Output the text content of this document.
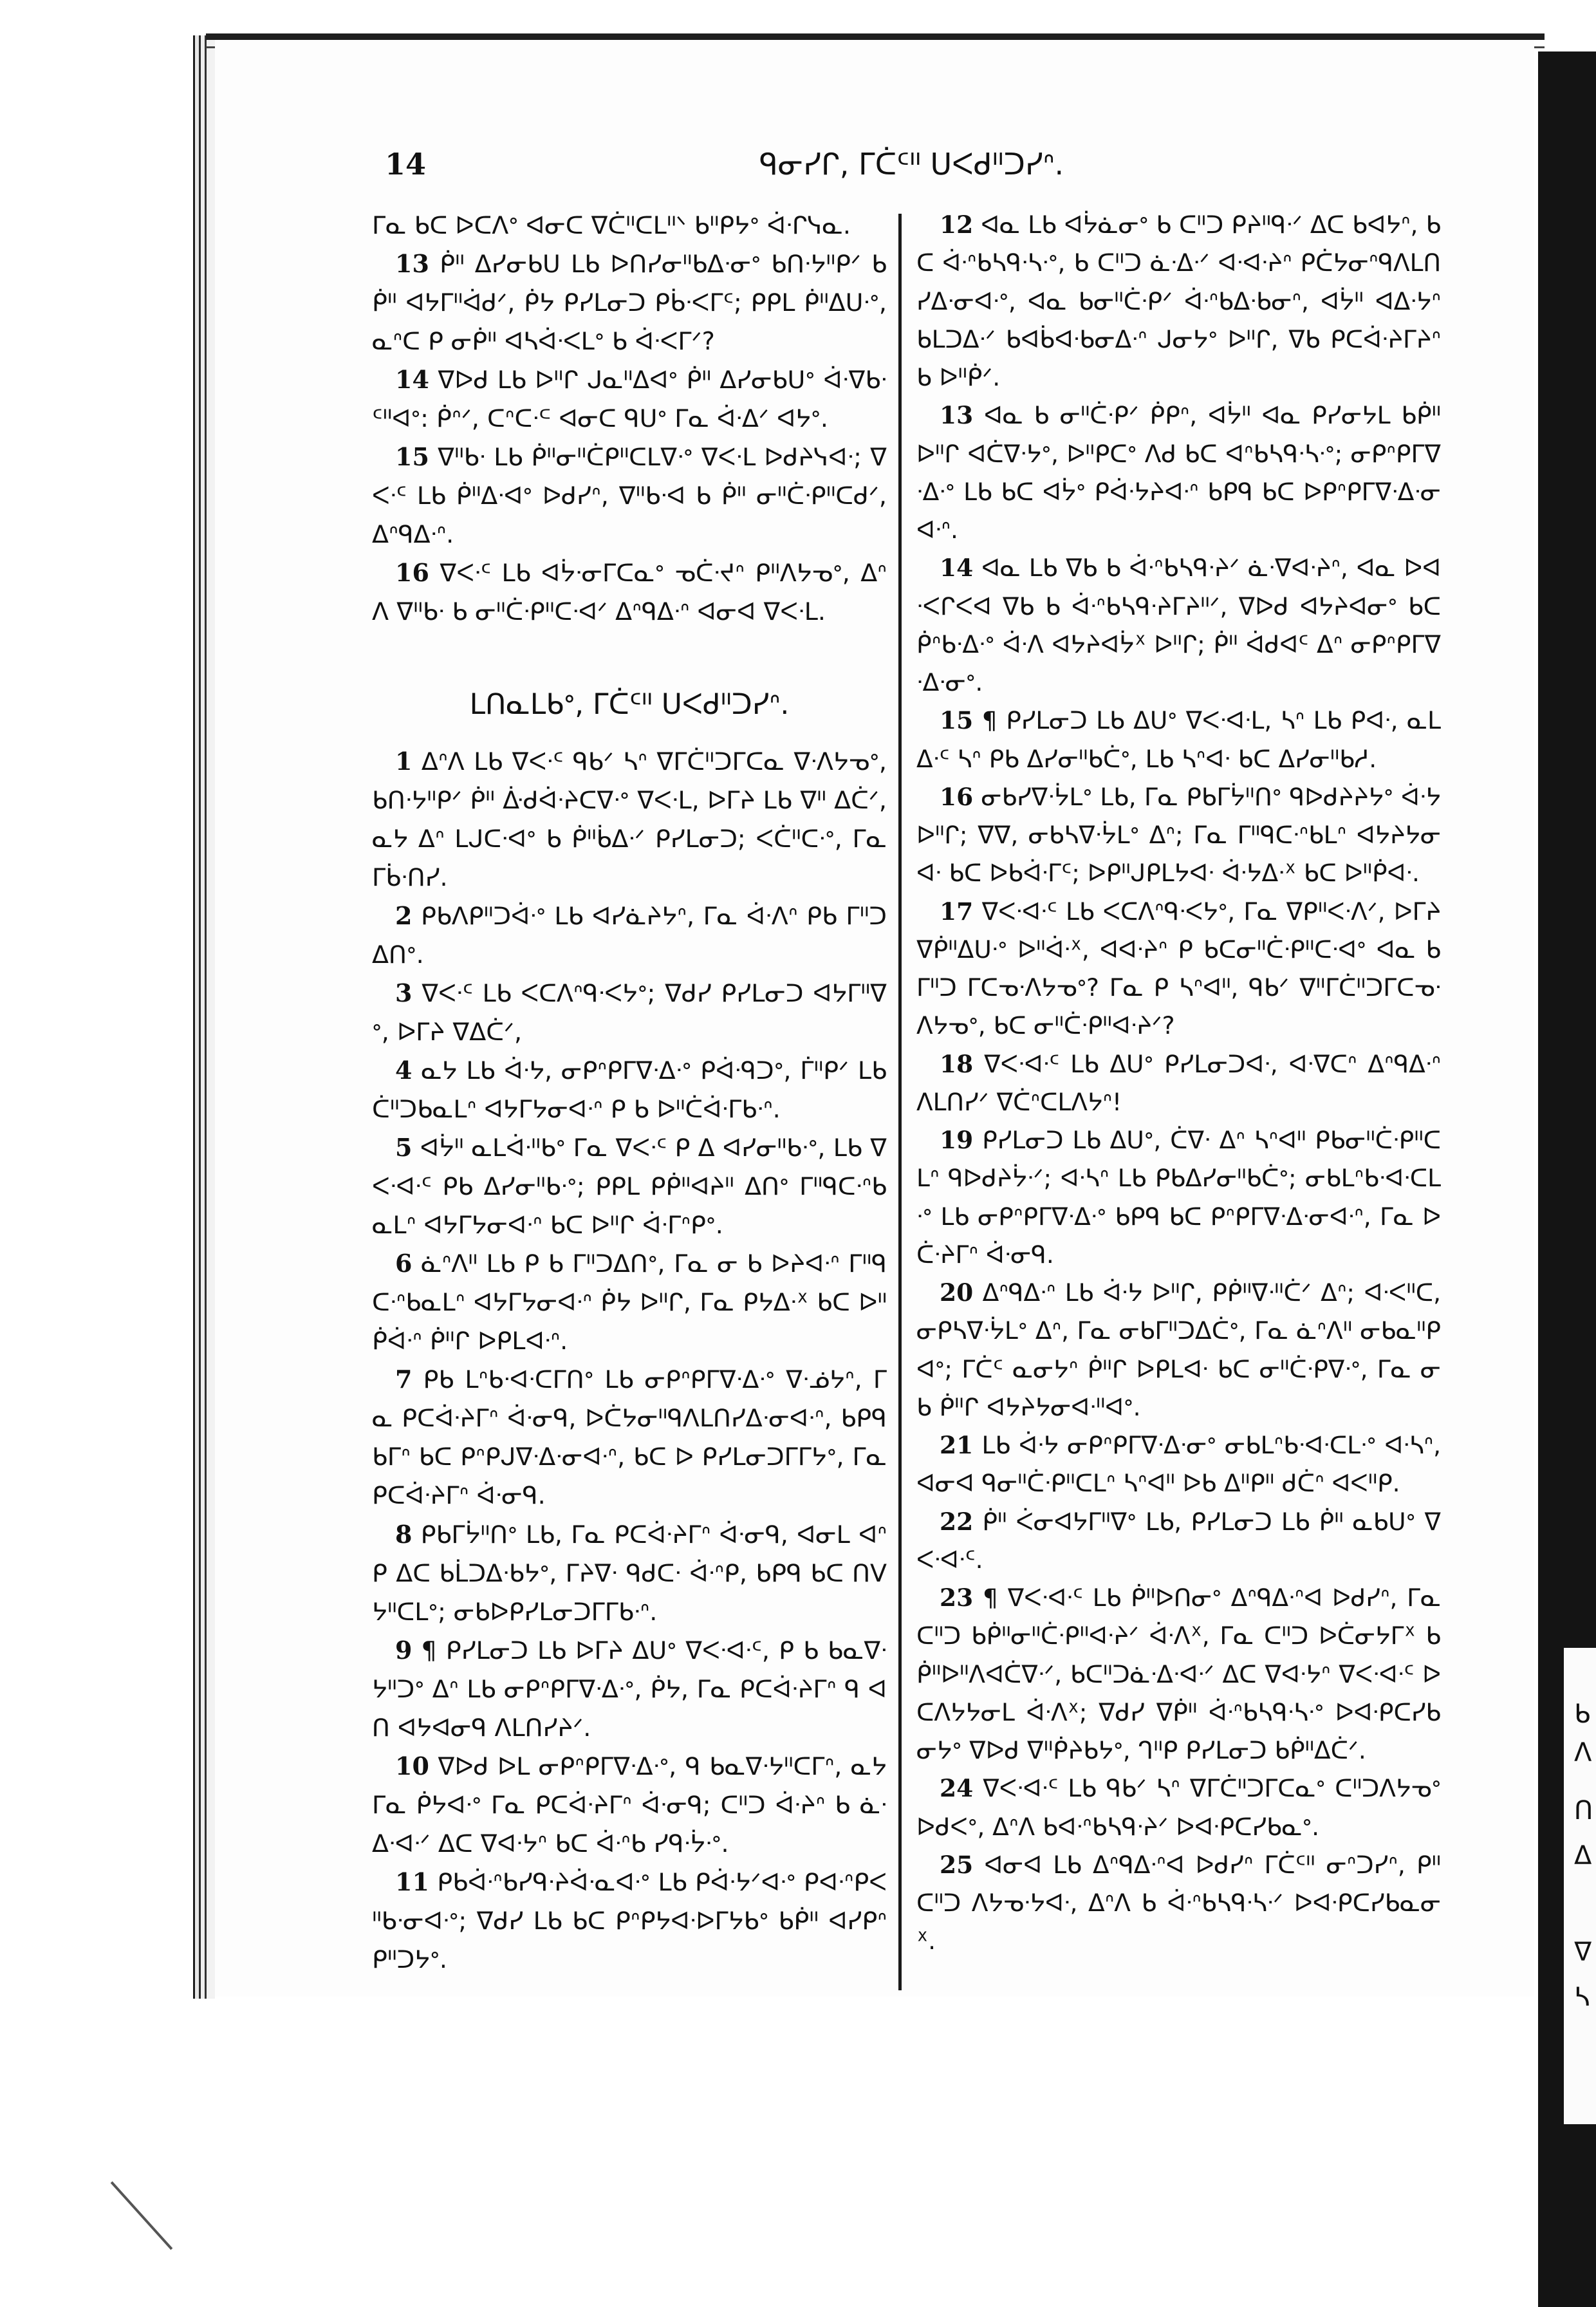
ᑲ
ᐱ
ᑎ
ᐃ
ᐁ
ᓴ
14	ᑫᓂᓯᒋ, ᒥᑖᑦᐦ ᑌᐸᑯᐦᑐᓯᐢ.

ᒥᓇ ᑲᑕ ᐅᑕᐱᐤ ᐊᓂᑕ ᐁᑖᐦᑕᒪᐦᐠ ᑲᐦᑭᔭᐤ ᐋᐧᒋᓭᓇ.

13 ᑮᐦ ᐃᓯᓂᑲᑌ ᒪᑲ ᐅᑎᓯᓂᐦᑲᐃᐧᓂᐤ ᑲᑎᐧᔭᐦᑭᐟ ᑲ ᑮᐦ ᐊᔭᒥᐦᐋᑯᐟ, ᑮᔭ ᑭᓯᒪᓂᑐ ᑭᑳᐧᐸᒥᑦ; ᑭᑭᒪ ᑮᐦᐃᑌᐧᐤ, ᓇᐢᑕ ᑭ ᓂᑮᐦ ᐊᓴᐋᐧᐸᒪᐤ ᑲ ᐋᐧᐸᒥᐟ?

14 ᐁᐅᑯ ᒪᑲ ᐅᐦᒋ ᒍᓇᐦᐃᐊᐤ ᑮᐦ ᐃᓯᓂᑲᑌᐤ ᐋᐧᐁᑲᐧᑦᐦᐊᐤ: ᑮᐢᐟ, ᑕᐢᑕᐧᒼ ᐊᓂᑕ ᑫᑌᐤ ᒥᓇ ᐋᐧᐃᐟ ᐊᔭᐤ.

15 ᐁᐦᑲᐧ ᒪᑲ ᑮᐦᓂᐦᑖᑭᐦᑕᒪᐁᐧᐤ ᐁᐸᐧᒪ ᐅᑯᔨᓭᐊᐧ; ᐁᐸᐧᑦ ᒪᑲ ᑮᐦᐃᐧᐊᐤ ᐅᑯᓯᐢ, ᐁᐦᑲᐧᐊ ᑲ ᑮᐦ ᓂᐦᑖᐧᑭᐦᑕᑯᐟ, ᐃᐢᑫᐃᐧᐢ.

16 ᐁᐸᐧᑦ ᒪᑲ ᐊᔮᐧᓂᒥᑕᓇᐤ ᓀᑖᐧᔪᐢ ᑭᐦᐱᔭᓀᐤ, ᐃᐢᐱ ᐁᐦᑲᐧ ᑲ ᓂᐦᑖᐧᑭᐦᑕᐧᐊᐟ ᐃᐢᑫᐃᐧᐢ ᐊᓂᐊ ᐁᐸᐧᒪ.

ᒪᑎᓇᒪᑲᐤ, ᒥᑖᑦᐦ ᑌᐸᑯᐦᑐᓯᐢ.

1 ᐃᐢᐱ ᒪᑲ ᐁᐸᐧᑦ ᑫᑲᐟ ᓴᐢ ᐁᒥᑖᐦᑐᒥᑕᓇ ᐁᐧᐱᔭᓀᐤ, ᑲᑎᐧᔭᐦᑭᐟ ᑮᐦ ᐑᑯᐋᐧᔨᑕᐁᐧᐤ ᐁᐸᐧᒪ, ᐅᒥᔨ ᒪᑲ ᐁᐦ ᐃᑖᐟ, ᓇᔭ ᐃᐢ ᒪᒍᑕᐧᐊᐤ ᑲ ᑮᐦᑳᐃᐧᐟ ᑭᓯᒪᓂᑐ; ᐸᑖᐦᑕᐧᐤ, ᒥᓇ ᒥᑳᐧᑎᓯ.

2 ᑭᑲᐱᑭᐦᑐᐋᐧᐤ ᒪᑲ ᐊᓯᓈᔨᔭᐢ, ᒥᓇ ᐋᐧᐱᐢ ᑭᑲ ᒥᐦᑐᐃᑎᐤ.

3 ᐁᐸᐧᑦ ᒪᑲ ᐸᑕᐱᐢᑫᐧᐸᔭᐤ; ᐁᑯᓯ ᑭᓯᒪᓂᑐ ᐊᔭᒥᐦᐁᐤ, ᐅᒥᔨ ᐁᐃᑖᐟ,

4 ᓇᔭ ᒪᑲ ᐋᐧᔭ, ᓂᑭᐢᑭᒥᐁᐧᐃᐧᐤ ᑭᐋᐧᑫᑐᐤ, ᒦᐦᑭᐟ ᒪᑲ ᑖᐦᑐᑲᓇᒪᐢ ᐊᔭᒥᔭᓂᐊᐧᐢ ᑭ ᑲ ᐅᐦᑖᐋᐧᒥᑲᐧᐢ.

5 ᐊᔮᐦ ᓇᒪᐋᐧᐦᑲᐤ ᒥᓇ ᐁᐸᐧᑦ ᑭ ᐃ ᐊᓯᓂᐦᑲᐧᐤ, ᒪᑲ ᐁᐸᐧᐊᐧᑦ ᑭᑲ ᐃᓯᓂᐦᑲᐧᐤ; ᑭᑭᒪ ᑭᑮᐦᐊᔨᐦ ᐃᑎᐤ ᒥᐦᑫᑕᐧᐢᑲᓇᒪᐢ ᐊᔭᒥᔭᓂᐊᐧᐢ ᑲᑕ ᐅᐦᒋ ᐋᐧᒥᐢᑭᐤ.

6 ᓈᐢᐱᐦ ᒪᑲ ᑭ ᑲ ᒥᐦᑐᐃᑎᐤ, ᒥᓇ ᓂ ᑲ ᐅᔨᐊᐧᐢ ᒥᐦᑫᑕᐧᐢᑲᓇᒪᐢ ᐊᔭᒥᔭᓂᐊᐧᐢ ᑮᔭ ᐅᐦᒋ, ᒥᓇ ᑭᔭᐃᐧᕽ ᑲᑕ ᐅᐦᑮᐋᐧᐢ ᑮᐦᒋ ᐅᑭᒪᐊᐧᐢ.

7 ᑭᑲ ᒪᐢᑲᐧᐊᐧᑕᒥᑎᐤ ᒪᑲ ᓂᑭᐢᑭᒥᐁᐧᐃᐧᐤ ᐁᐧᓅᔭᐢ, ᒥᓇ ᑭᑕᐋᐧᔨᒥᐢ ᐋᐧᓂᑫ, ᐅᑖᔭᓂᐦᑫᐱᒪᑎᓯᐃᐧᓂᐊᐧᐢ, ᑲᑭᑫ ᑲᒥᐢ ᑲᑕ ᑭᐢᑭᒍᐁᐧᐃᐧᓂᐊᐧᐢ, ᑲᑕ ᐅ ᑭᓯᒪᓂᑐᒥᒥᔭᐤ, ᒥᓇ ᑭᑕᐋᐧᔨᒥᐢ ᐋᐧᓂᑫ.

8 ᑭᑲᒥᔮᐦᑎᐤ ᒪᑲ, ᒥᓇ ᑭᑕᐋᐧᔨᒥᐢ ᐋᐧᓂᑫ, ᐊᓂᒪ ᐊᐢᑭ ᐃᑕ ᑲᒫᑐᐃᐧᑲᔭᐤ, ᒥᔨᐁᐧ ᑫᑯᑕᐧ ᐋᐧᐢᑭ, ᑲᑭᑫ ᑲᑕ ᑎᐯᔭᐦᑕᒪᐤ; ᓂᑲᐅᑭᓯᒪᓂᑐᒥᒥᑲᐧᐢ.

9 ¶ ᑭᓯᒪᓂᑐ ᒪᑲ ᐅᒥᔨ ᐃᑌᐤ ᐁᐸᐧᐊᐧᑦ, ᑭ ᑲ ᑲᓇᐁᐧᔭᐦᑐᐤ ᐃᐢ ᒪᑲ ᓂᑭᐢᑭᒥᐁᐧᐃᐧᐤ, ᑮᔭ, ᒥᓇ ᑭᑕᐋᐧᔨᒥᐢ ᑫ ᐊᑎ ᐊᔭᐊᓂᑫ ᐱᒪᑎᓯᔨᐟ.

10 ᐁᐅᑯ ᐅᒪ ᓂᑭᐢᑭᒥᐁᐧᐃᐧᐤ, ᑫ ᑲᓇᐁᐧᔭᐦᑕᒥᐢ, ᓇᔭ ᒥᓇ ᑮᔭᐊᐧᐤ ᒥᓇ ᑭᑕᐋᐧᔨᒥᐢ ᐋᐧᓂᑫ; ᑕᐦᑐ ᐋᐧᔨᐢ ᑲ ᓈᐧᐃᐧᐊᐧᐟ ᐃᑕ ᐁᐊᐧᔭᐢ ᑲᑕ ᐋᐧᐢᑲ ᓯᑫᐧᔮᐧᐤ.

11 ᑭᑲᐋᐧᐢᑲᓯᑫᐧᔨᐋᐧᓇᐊᐧᐤ ᒪᑲ ᑭᐋᐧᔭᐟᐊᐧᐤ ᑭᐊᐧᐢᑭᐸᐦᑲᐧᓂᐊᐧᐤ; ᐁᑯᓯ ᒪᑲ ᑲᑕ ᑭᐢᑭᔭᐊᐧᐅᒥᔭᑲᐤ ᑲᑮᐦ ᐊᓯᑭᐢᑭᐦᑐᔭᐤ.

12 ᐊᓇ ᒪᑲ ᐊᔮᓈᓂᐤ ᑲ ᑕᐦᑐ ᑭᔨᐦᑫᐧᐟ ᐃᑕ ᑲᐊᔭᐢ, ᑲᑕ ᐋᐧᐢᑲᓴᑫᐧᓴᐧᐤ, ᑲ ᑕᐦᑐ ᓈᐧᐃᐧᐟ ᐊᐧᐊᐧᔨᐢ ᑭᑖᔭᓂᐢᑫᐱᒪᑎᓯᐃᐧᓂᐊᐧᐤ, ᐊᓇ ᑲᓂᐦᑖᐧᑭᐟ ᐋᐧᐢᑲᐃᐧᑲᓂᐢ, ᐊᔮᐦ ᐊᐃᐧᔭᐢ ᑲᒪᑐᐃᐧᐟ ᑲᐊᑳᐊᐧᑲᓂᐃᐧᐢ ᒍᓂᔭᐤ ᐅᐦᒋ, ᐁᑲ ᑭᑕᐋᐧᔨᒥᔨᐢ ᑲ ᐅᐦᑮᐟ.

13 ᐊᓇ ᑲ ᓂᐦᑖᐧᑭᐟ ᑮᑭᐢ, ᐊᔮᐦ ᐊᓇ ᑭᓯᓂᔭᒪ ᑲᑮᐦ ᐅᐦᒋ ᐊᑖᐁᐧᔭᐤ, ᐅᐦᑭᑕᐤ ᐱᑯ ᑲᑕ ᐊᐢᑲᓴᑫᐧᓴᐧᐤ; ᓂᑭᐢᑭᒥᐁᐧᐃᐧᐤ ᒪᑲ ᑲᑕ ᐊᔮᐤ ᑭᐋᐧᔭᔨᐊᐧᐢ ᑲᑭᑫ ᑲᑕ ᐅᑭᐢᑭᒥᐁᐧᐃᐧᓂᐊᐧᐢ.

14 ᐊᓇ ᒪᑲ ᐁᑲ ᑲ ᐋᐧᐢᑲᓴᑫᐧᔨᐟ ᓈᐧᐁᐊᐧᔨᐢ, ᐊᓇ ᐅᐊᐧᐸᒋᐸᐊ ᐁᑲ ᑲ ᐋᐧᐢᑲᓴᑫᐧᔨᒥᔨᐦᐟ, ᐁᐅᑯ ᐊᔭᔨᐊᓂᐤ ᑲᑕ ᑮᐢᑲᐧᐃᐧᐤ ᐋᐧᐱ ᐊᔭᔨᐊᔮᕽ ᐅᐦᒋ; ᑮᐦ ᐋᑯᐊᑦ ᐃᐢ ᓂᑭᐢᑭᒥᐁᐧᐃᐧᓂᐤ.

15 ¶ ᑭᓯᒪᓂᑐ ᒪᑲ ᐃᑌᐤ ᐁᐸᐧᐊᐧᒪ, ᓴᐢ ᒪᑲ ᑭᐊᐧ, ᓇᒪᐃᐧᑦ ᓴᐢ ᑭᑲ ᐃᓯᓂᐦᑲᑖᐤ, ᒪᑲ ᓴᐢᐊᐧ ᑲᑕ ᐃᓯᓂᐦᑲᓱ.

16 ᓂᑲᓯᐁᐧᔮᒪᐤ ᒪᑲ, ᒥᓇ ᑭᑲᒥᔮᐦᑎᐤ ᑫᐅᑯᔨᔨᔭᐤ ᐋᐧᔭ ᐅᐦᒋ; ᐁᐁ, ᓂᑲᓴᐁᐧᔮᒪᐤ ᐃᐢ; ᒥᓇ ᒥᐦᑫᑕᐧᐢᑲᒪᐢ ᐊᔭᔨᔭᓂᐊᐧ ᑲᑕ ᐅᑲᐋᐧᒥᑦ; ᐅᑭᐦᒍᑭᒪᔭᐊᐧ ᐋᐧᔭᐃᐧᕽ ᑲᑕ ᐅᐦᑮᐊᐧ.

17 ᐁᐸᐧᐊᐧᑦ ᒪᑲ ᐸᑕᐱᐢᑫᐧᐸᔭᐤ, ᒥᓇ ᐁᑭᐦᐸᐧᐱᐟ, ᐅᒥᔨ ᐁᑮᐦᐃᑌᐧᐤ ᐅᐦᐋᐧᕽ, ᐊᐊᐧᔨᐢ ᑭ ᑲᑕᓂᐦᑖᐧᑭᐦᑕᐧᐊᐤ ᐊᓇ ᑲ ᒥᐦᑐ ᒥᑕᓀᐧᐱᔭᓀᐤ? ᒥᓇ ᑭ ᓴᐢᐊᐦ, ᑫᑲᐟ ᐁᐦᒥᑖᐦᑐᒥᑕᓀᐧᐱᔭᓀᐤ, ᑲᑕ ᓂᐦᑖᐧᑭᐦᐊᐧᔨᐟ?

18 ᐁᐸᐧᐊᐧᑦ ᒪᑲ ᐃᑌᐤ ᑭᓯᒪᓂᑐᐊᐧ, ᐊᐧᐁᑕᐢ ᐃᐢᑫᐃᐧᐢ ᐱᒪᑎᓯᐟ ᐁᑖᐢᑕᒪᐱᔭᐢ!

19 ᑭᓯᒪᓂᑐ ᒪᑲ ᐃᑌᐤ, ᑖᐁᐧ ᐃᐢ ᓴᐢᐊᐦ ᑭᑲᓂᐦᑖᐧᑭᐦᑕᒪᐢ ᑫᐅᑯᔨᔮᐧᐟ; ᐊᐧᓴᐢ ᒪᑲ ᑭᑲᐃᓯᓂᐦᑲᑖᐤ; ᓂᑲᒪᐢᑲᐧᐊᐧᑕᒪᐧᐤ ᒪᑲ ᓂᑭᐢᑭᒥᐁᐧᐃᐧᐤ ᑲᑭᑫ ᑲᑕ ᑭᐢᑭᒥᐁᐧᐃᐧᓂᐊᐧᐢ, ᒥᓇ ᐅᑖᐧᔨᒥᐢ ᐋᐧᓂᑫ.

20 ᐃᐢᑫᐃᐧᐢ ᒪᑲ ᐋᐧᔭ ᐅᐦᒋ, ᑭᑮᐦᐁᐧᐦᑖᐟ ᐃᐢ; ᐊᐧᐸᐦᑕ, ᓂᑭᓴᐁᐧᔮᒪᐤ ᐃᐢ, ᒥᓇ ᓂᑲᒥᐦᑐᐃᑖᐤ, ᒥᓇ ᓈᐢᐱᐦ ᓂᑲᓇᐦᑭᐊᐤ; ᒥᑖᑦ ᓇᓂᔭᐢ ᑮᐦᒋ ᐅᑭᒪᐊᐧ ᑲᑕ ᓂᐦᑖᐧᑭᐁᐧᐤ, ᒥᓇ ᓂᑲ ᑮᐦᒋ ᐊᔭᔨᔭᓂᐊᐧᐦᐊᐤ.

21 ᒪᑲ ᐋᐧᔭ ᓂᑭᐢᑭᒥᐁᐧᐃᐧᓂᐤ ᓂᑲᒪᐢᑲᐧᐊᐧᑕᒪᐧᐤ ᐊᐧᓴᐢ, ᐊᓂᐊ ᑫᓂᐦᑖᐧᑭᐦᑕᒪᐢ ᓴᐢᐊᐦ ᐅᑲ ᐃᐦᑭᐦ ᑯᑖᐢ ᐊᐸᐦᑭ.

22 ᑮᐦ ᐹᓂᐊᔭᒥᐦᐁᐤ ᒪᑲ, ᑭᓯᒪᓂᑐ ᒪᑲ ᑮᐦ ᓇᑲᑌᐤ ᐁᐸᐧᐊᐧᑦ.

23 ¶ ᐁᐸᐧᐊᐧᑦ ᒪᑲ ᑮᐦᐅᑎᓂᐤ ᐃᐢᑫᐃᐧᐢᐊ ᐅᑯᓯᐢ, ᒥᓇ ᑕᐦᑐ ᑲᑮᐦᓂᐦᑖᐧᑭᐦᐊᐧᔨᐟ ᐋᐧᐱᕽ, ᒥᓇ ᑕᐦᑐ ᐅᑖᓂᔭᒥᕽ ᑲᑮᐦᐅᐦᐱᐊᑖᐁᐧᐟ, ᑲᑕᐦᑐᓈᐧᐃᐧᐊᐧᐟ ᐃᑕ ᐁᐊᐧᔭᐢ ᐁᐸᐧᐊᐧᑦ ᐅᑕᐱᔭᔭᓂᒪ ᐋᐧᐱᕽ; ᐁᑯᓯ ᐁᑮᐦ ᐋᐧᐢᑲᓴᑫᐧᓴᐧᐤ ᐅᐊᐧᑭᑕᓯᑲᓂᔭᐤ ᐁᐅᑯ ᐁᐦᑮᔨᑲᔭᐤ, ᒉᐦᑭ ᑭᓯᒪᓂᑐ ᑲᑮᐦᐃᑖᐟ.

24 ᐁᐸᐧᐊᐧᑦ ᒪᑲ ᑫᑲᐟ ᓴᐢ ᐁᒥᑖᐦᑐᒥᑕᓇᐤ ᑕᐦᑐᐱᔭᓀᐤ ᐅᑯᐸᐤ, ᐃᐢᐱ ᑲᐊᐧᐢᑲᓴᑫᐧᔨᐟ ᐅᐊᐧᑭᑕᓯᑲᓇᐤ.

25 ᐊᓂᐊ ᒪᑲ ᐃᐢᑫᐃᐧᐢᐊ ᐅᑯᓯᐢ ᒥᑖᑦᐦ ᓂᐢᑐᓯᐢ, ᑭᐦ ᑕᐦᑐ ᐱᔭᓀᐧᔭᐊᐧ, ᐃᐢᐱ ᑲ ᐋᐧᐢᑲᓴᑫᐧᓴᐧᐟ ᐅᐊᐧᑭᑕᓯᑲᓇᓂᕽ.
